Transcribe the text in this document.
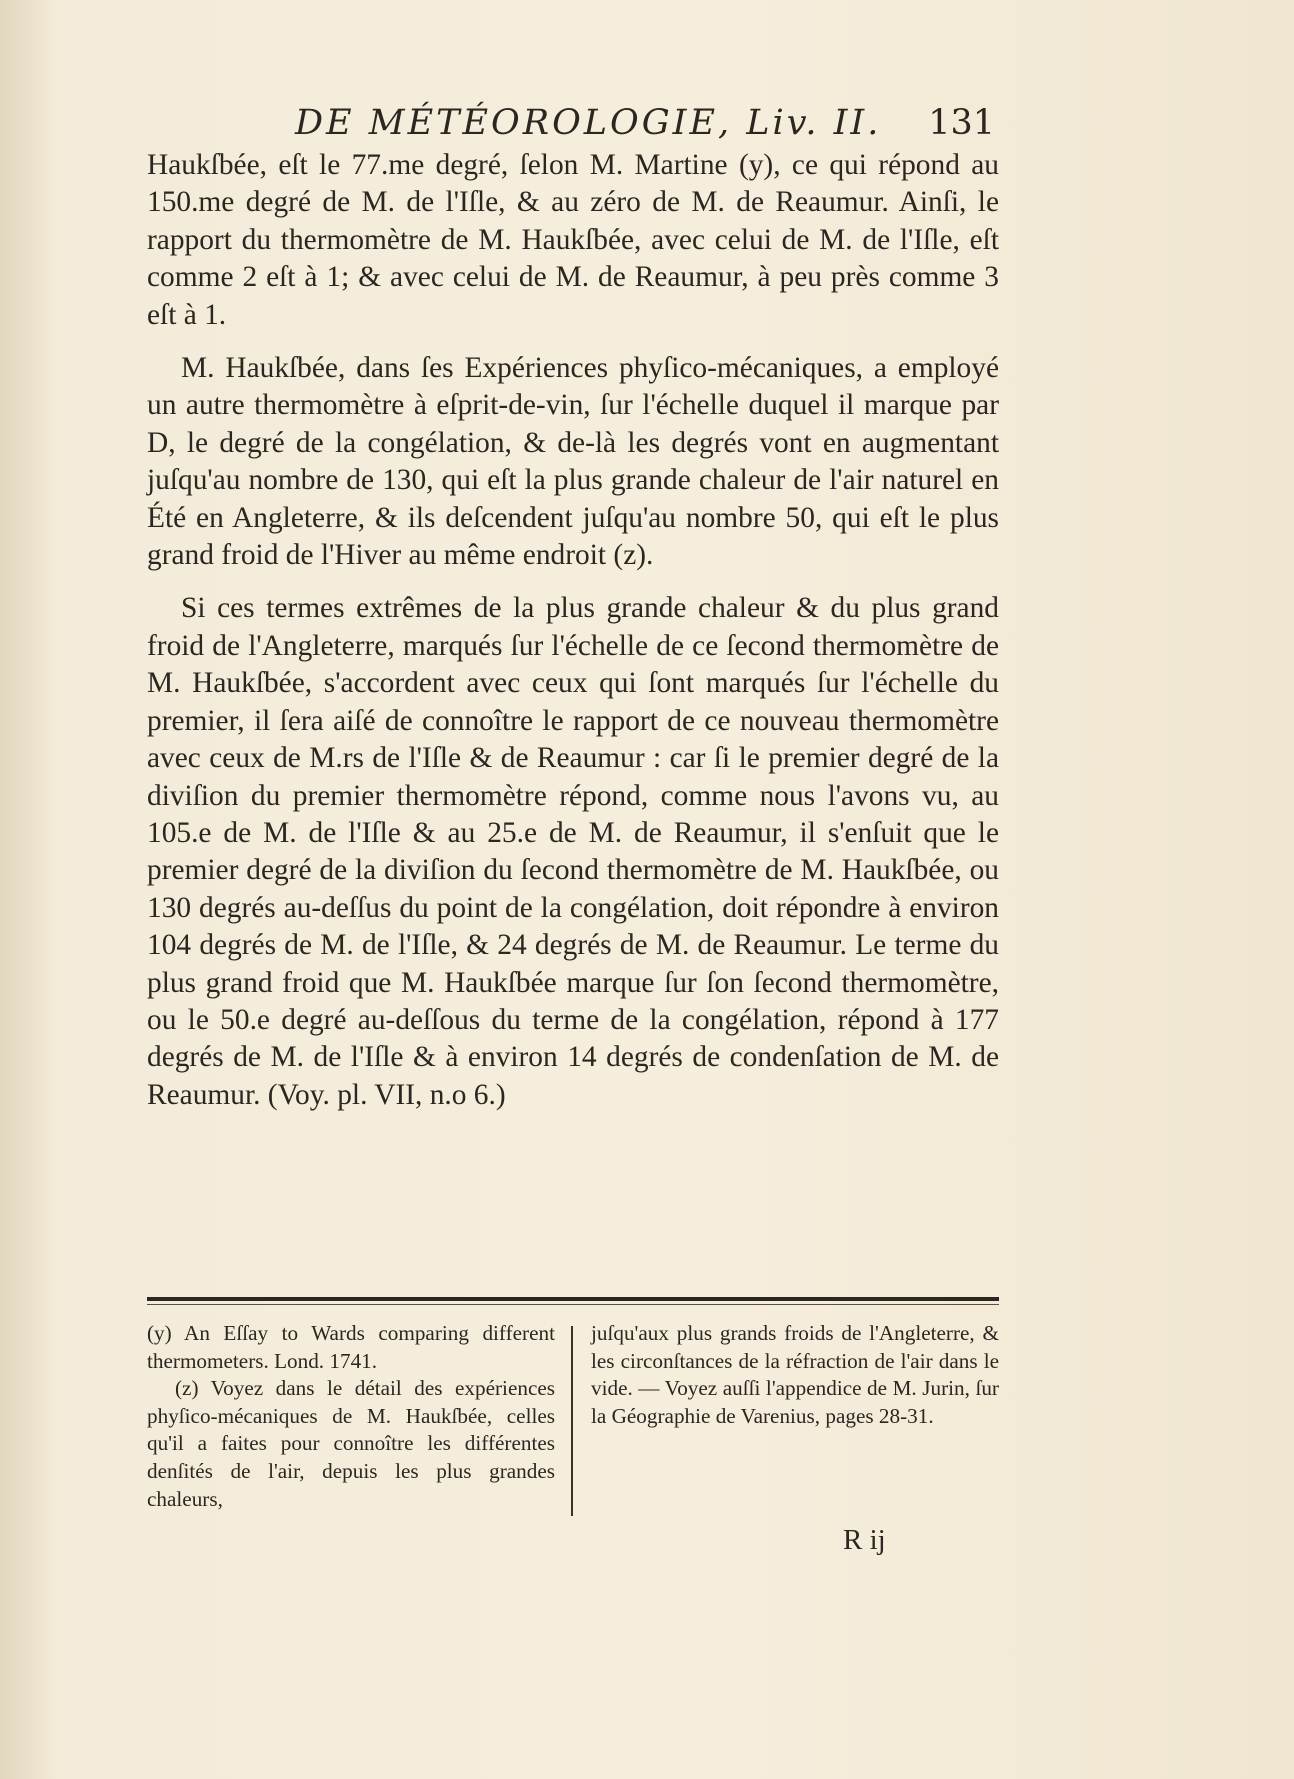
DE MÉTÉOROLOGIE, Liv. II. 131

Haukſbée, eſt le 77.me degré, ſelon M. Martine (y), ce qui répond au 150.me degré de M. de l'Iſle, & au zéro de M. de Reaumur. Ainſi, le rapport du thermomètre de M. Haukſbée, avec celui de M. de l'Iſle, eſt comme 2 eſt à 1; & avec celui de M. de Reaumur, à peu près comme 3 eſt à 1.

M. Haukſbée, dans ſes Expériences phyſico-mécaniques, a employé un autre thermomètre à eſprit-de-vin, ſur l'échelle duquel il marque par D, le degré de la congélation, & de-là les degrés vont en augmentant juſqu'au nombre de 130, qui eſt la plus grande chaleur de l'air naturel en Été en Angleterre, & ils deſcendent juſqu'au nombre 50, qui eſt le plus grand froid de l'Hiver au même endroit (z).

Si ces termes extrêmes de la plus grande chaleur & du plus grand froid de l'Angleterre, marqués ſur l'échelle de ce ſecond thermomètre de M. Haukſbée, s'accordent avec ceux qui ſont marqués ſur l'échelle du premier, il ſera aiſé de connoître le rapport de ce nouveau thermomètre avec ceux de M.rs de l'Iſle & de Reaumur : car ſi le premier degré de la diviſion du premier thermomètre répond, comme nous l'avons vu, au 105.e de M. de l'Iſle & au 25.e de M. de Reaumur, il s'enſuit que le premier degré de la diviſion du ſecond thermomètre de M. Haukſbée, ou 130 degrés au-deſſus du point de la congélation, doit répondre à environ 104 degrés de M. de l'Iſle, & 24 degrés de M. de Reaumur. Le terme du plus grand froid que M. Haukſbée marque ſur ſon ſecond thermomètre, ou le 50.e degré au-deſſous du terme de la congélation, répond à 177 degrés de M. de l'Iſle & à environ 14 degrés de condenſation de M. de Reaumur. (Voy. pl. VII, n.o 6.)

(y) An Eſſay to Wards comparing different thermometers. Lond. 1741.

(z) Voyez dans le détail des expériences phyſico-mécaniques de M. Haukſbée, celles qu'il a faites pour connoître les différentes denſités de l'air, depuis les plus grandes chaleurs,

juſqu'aux plus grands froids de l'Angleterre, & les circonſtances de la réfraction de l'air dans le vide. — Voyez auſſi l'appendice de M. Jurin, ſur la Géographie de Varenius, pages 28-31.

R ij
